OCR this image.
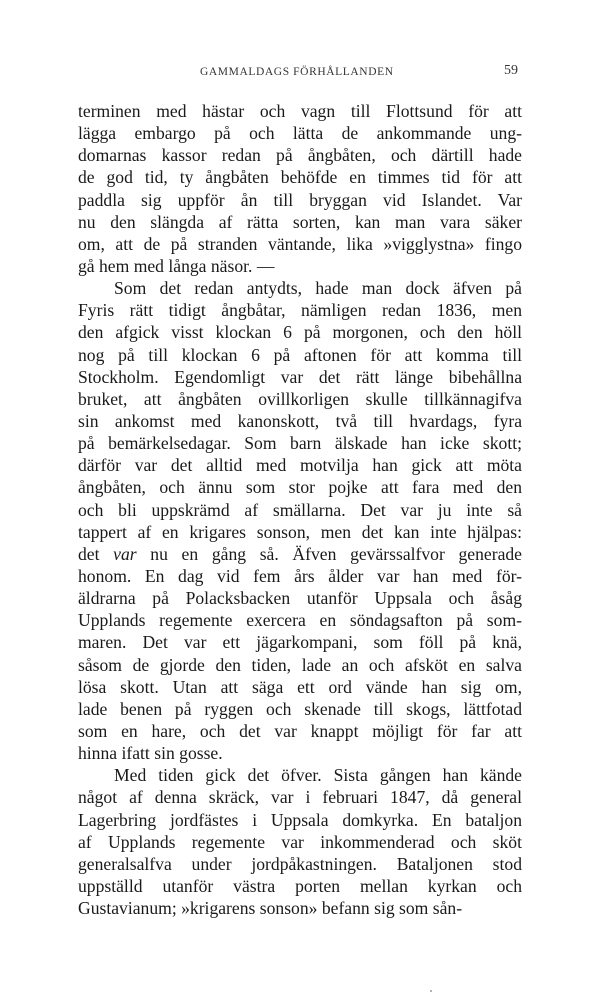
GAMMALDAGS FÖRHÅLLANDEN	59
terminen med hästar och vagn till Flottsund för att
lägga embargo på och lätta de ankommande ung-
domarnas kassor redan på ångbåten, och därtill hade
de god tid, ty ångbåten behöfde en timmes tid för att
paddla sig uppför ån till bryggan vid Islandet. Var
nu den slängda af rätta sorten, kan man vara säker
om, att de på stranden väntande, lika »vigglystna» fingo
gå hem med långa näsor. —
Som det redan antydts, hade man dock äfven på
Fyris rätt tidigt ångbåtar, nämligen redan 1836, men
den afgick visst klockan 6 på morgonen, och den höll
nog på till klockan 6 på aftonen för att komma till
Stockholm. Egendomligt var det rätt länge bibehållna
bruket, att ångbåten ovillkorligen skulle tillkännagifva
sin ankomst med kanonskott, två till hvardags, fyra
på bemärkelsedagar. Som barn älskade han icke skott;
därför var det alltid med motvilja han gick att möta
ångbåten, och ännu som stor pojke att fara med den
och bli uppskrämd af smällarna. Det var ju inte så
tappert af en krigares sonson, men det kan inte hjälpas:
det var nu en gång så. Äfven gevärssalfvor generade
honom. En dag vid fem års ålder var han med för-
äldrarna på Polacksbacken utanför Uppsala och åsåg
Upplands regemente exercera en söndagsafton på som-
maren. Det var ett jägarkompani, som föll på knä,
såsom de gjorde den tiden, lade an och afsköt en salva
lösa skott. Utan att säga ett ord vände han sig om,
lade benen på ryggen och skenade till skogs, lättfotad
som en hare, och det var knappt möjligt för far att
hinna ifatt sin gosse.
Med tiden gick det öfver. Sista gången han kände
något af denna skräck, var i februari 1847, då general
Lagerbring jordfästes i Uppsala domkyrka. En bataljon
af Upplands regemente var inkommenderad och sköt
generalsalfva under jordpåkastningen. Bataljonen stod
uppställd utanför västra porten mellan kyrkan och
Gustavianum; »krigarens sonson» befann sig som sån-
